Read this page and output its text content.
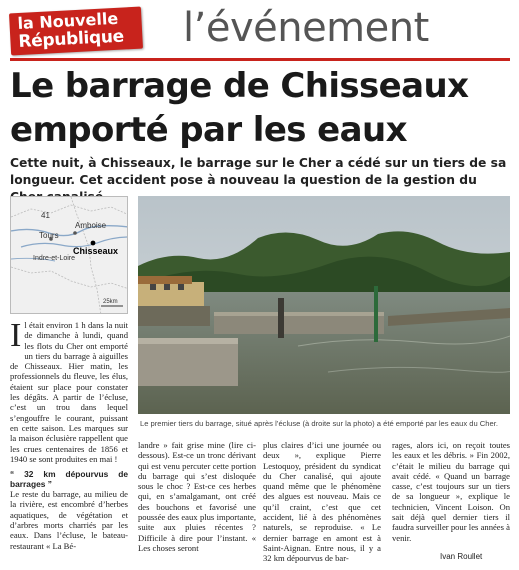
la Nouvelle
République l’événement
Le barrage de Chisseaux
emporté par les eaux
Cette nuit, à Chisseaux, le barrage sur le Cher a cédé sur un tiers de sa longueur. Cet accident pose à nouveau la question de la gestion du
41
Amboise
Tours
Chisseaux
Indre-et-Loire
25km
Le premier tiers du barrage, situé après l’écluse (à droite sur la photo) a été emporté par les eaux du Cher.
I l était environ 1 h dans la nuit de dimanche à lundi, quand les flots du Cher ont emporté un tiers du barrage à aiguilles de Chisseaux. Hier matin, les professionnels du fleuve, les élus, étaient sur place pour constater les dégâts. A partir de l’écluse, c’est un trou dans lequel s’engouffre le courant, puissant en cette saison. Les marques sur la maison éclusière rappellent que les crues centenaires de 1856 et 1940 se sont produites en mai !

“ 32 km dépourvus de barrages ”

Le reste du barrage, au milieu de la rivière, est encombré d’herbes aquatiques, de végétation et d’arbres morts charriés par les eaux. Dans l’écluse, le bateau-restaurant « La Bé-

landre » fait grise mine (lire ci-dessous). Est-ce un tronc dérivant qui est venu percuter cette portion du barrage qui s’est disloquée sous le choc ? Est-ce ces herbes qui, en s’amalgamant, ont créé des bouchons et favorisé une poussée des eaux plus importante, suite aux pluies récentes ? Difficile à dire pour l’instant. « Les choses seront

plus claires d’ici une journée ou deux », explique Pierre Lestoquoy, président du syndicat du Cher canalisé, qui ajoute quand même que le phénomène des algues est nouveau. Mais ce qu’il craint, c’est que cet accident, lié à des phénomènes naturels, se reproduise. « Le dernier barrage en amont est à Saint-Aignan. Entre nous, il y a 32 km dépourvus de bar-

rages, alors ici, on reçoit toutes les eaux et les débris. » Fin 2002, c’était le milieu du barrage qui avait cédé. « Quand un barrage casse, c’est toujours sur un tiers de sa longueur », explique le technicien, Vincent Loison. On sait déjà quel dernier tiers il faudra surveiller pour les années à venir.

Ivan Roullet
